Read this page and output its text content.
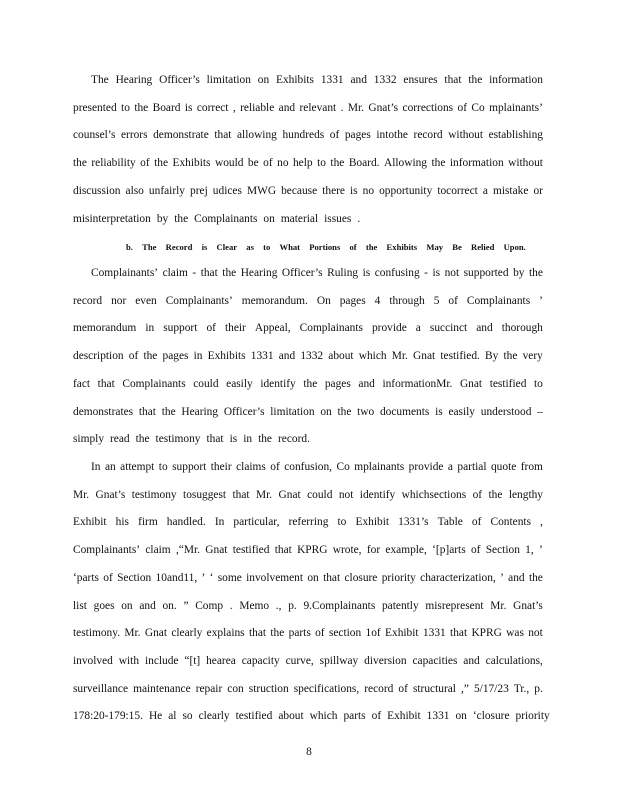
The Hearing Officer’s limitation on Exhibits 1331 and 1332 ensures that the information
presented to the Board is correct , reliable and relevant . Mr. Gnat’s corrections of Co mplainants’
counsel’s errors demonstrate that allowing hundreds of pages intothe record without establishing
the reliability of the Exhibits would be of no help to the Board. Allowing the information without
discussion also unfairly prej udices MWG because there is no opportunity tocorrect a mistake or
misinterpretation by the Complainants on material issues .
Complainants’ claim - that the Hearing Officer’s Ruling is confusing - is not supported by the
record nor even Complainants’ memorandum. On pages 4 through 5 of Complainants ’
memorandum in support of their Appeal, Complainants provide a succinct and thorough
description of the pages in Exhibits 1331 and 1332 about which Mr. Gnat testified. By the very
fact that Complainants could easily identify the pages and informationMr. Gnat testified to
demonstrates that the Hearing Officer’s limitation on the two documents is easily understood –
simply read the testimony that is in the record.
In an attempt to support their claims of confusion, Co mplainants provide a partial quote from
Mr. Gnat’s testimony tosuggest that Mr. Gnat could not identify whichsections of the lengthy
Exhibit his firm handled. In particular, referring to Exhibit 1331’s Table of Contents ,
Complainants’ claim ,“Mr. Gnat testified that KPRG wrote, for example, ‘[p]arts of Section 1, ’
‘parts of Section 10and11, ’ ‘ some involvement on that closure priority characterization, ’ and the
list goes on and on. ” Comp . Memo ., p. 9.Complainants patently misrepresent Mr. Gnat’s
testimony. Mr. Gnat clearly explains that the parts of section 1of Exhibit 1331 that KPRG was not
involved with include “[t] hearea capacity curve, spillway diversion capacities and calculations,
surveillance maintenance repair con struction specifications, record of structural ,” 5/17/23 Tr., p.
178:20-179:15. He al so clearly testified about which parts of Exhibit 1331 on ‘closure priority
b. The Record is Clear as to What Portions of the Exhibits May Be Relied Upon.
8
